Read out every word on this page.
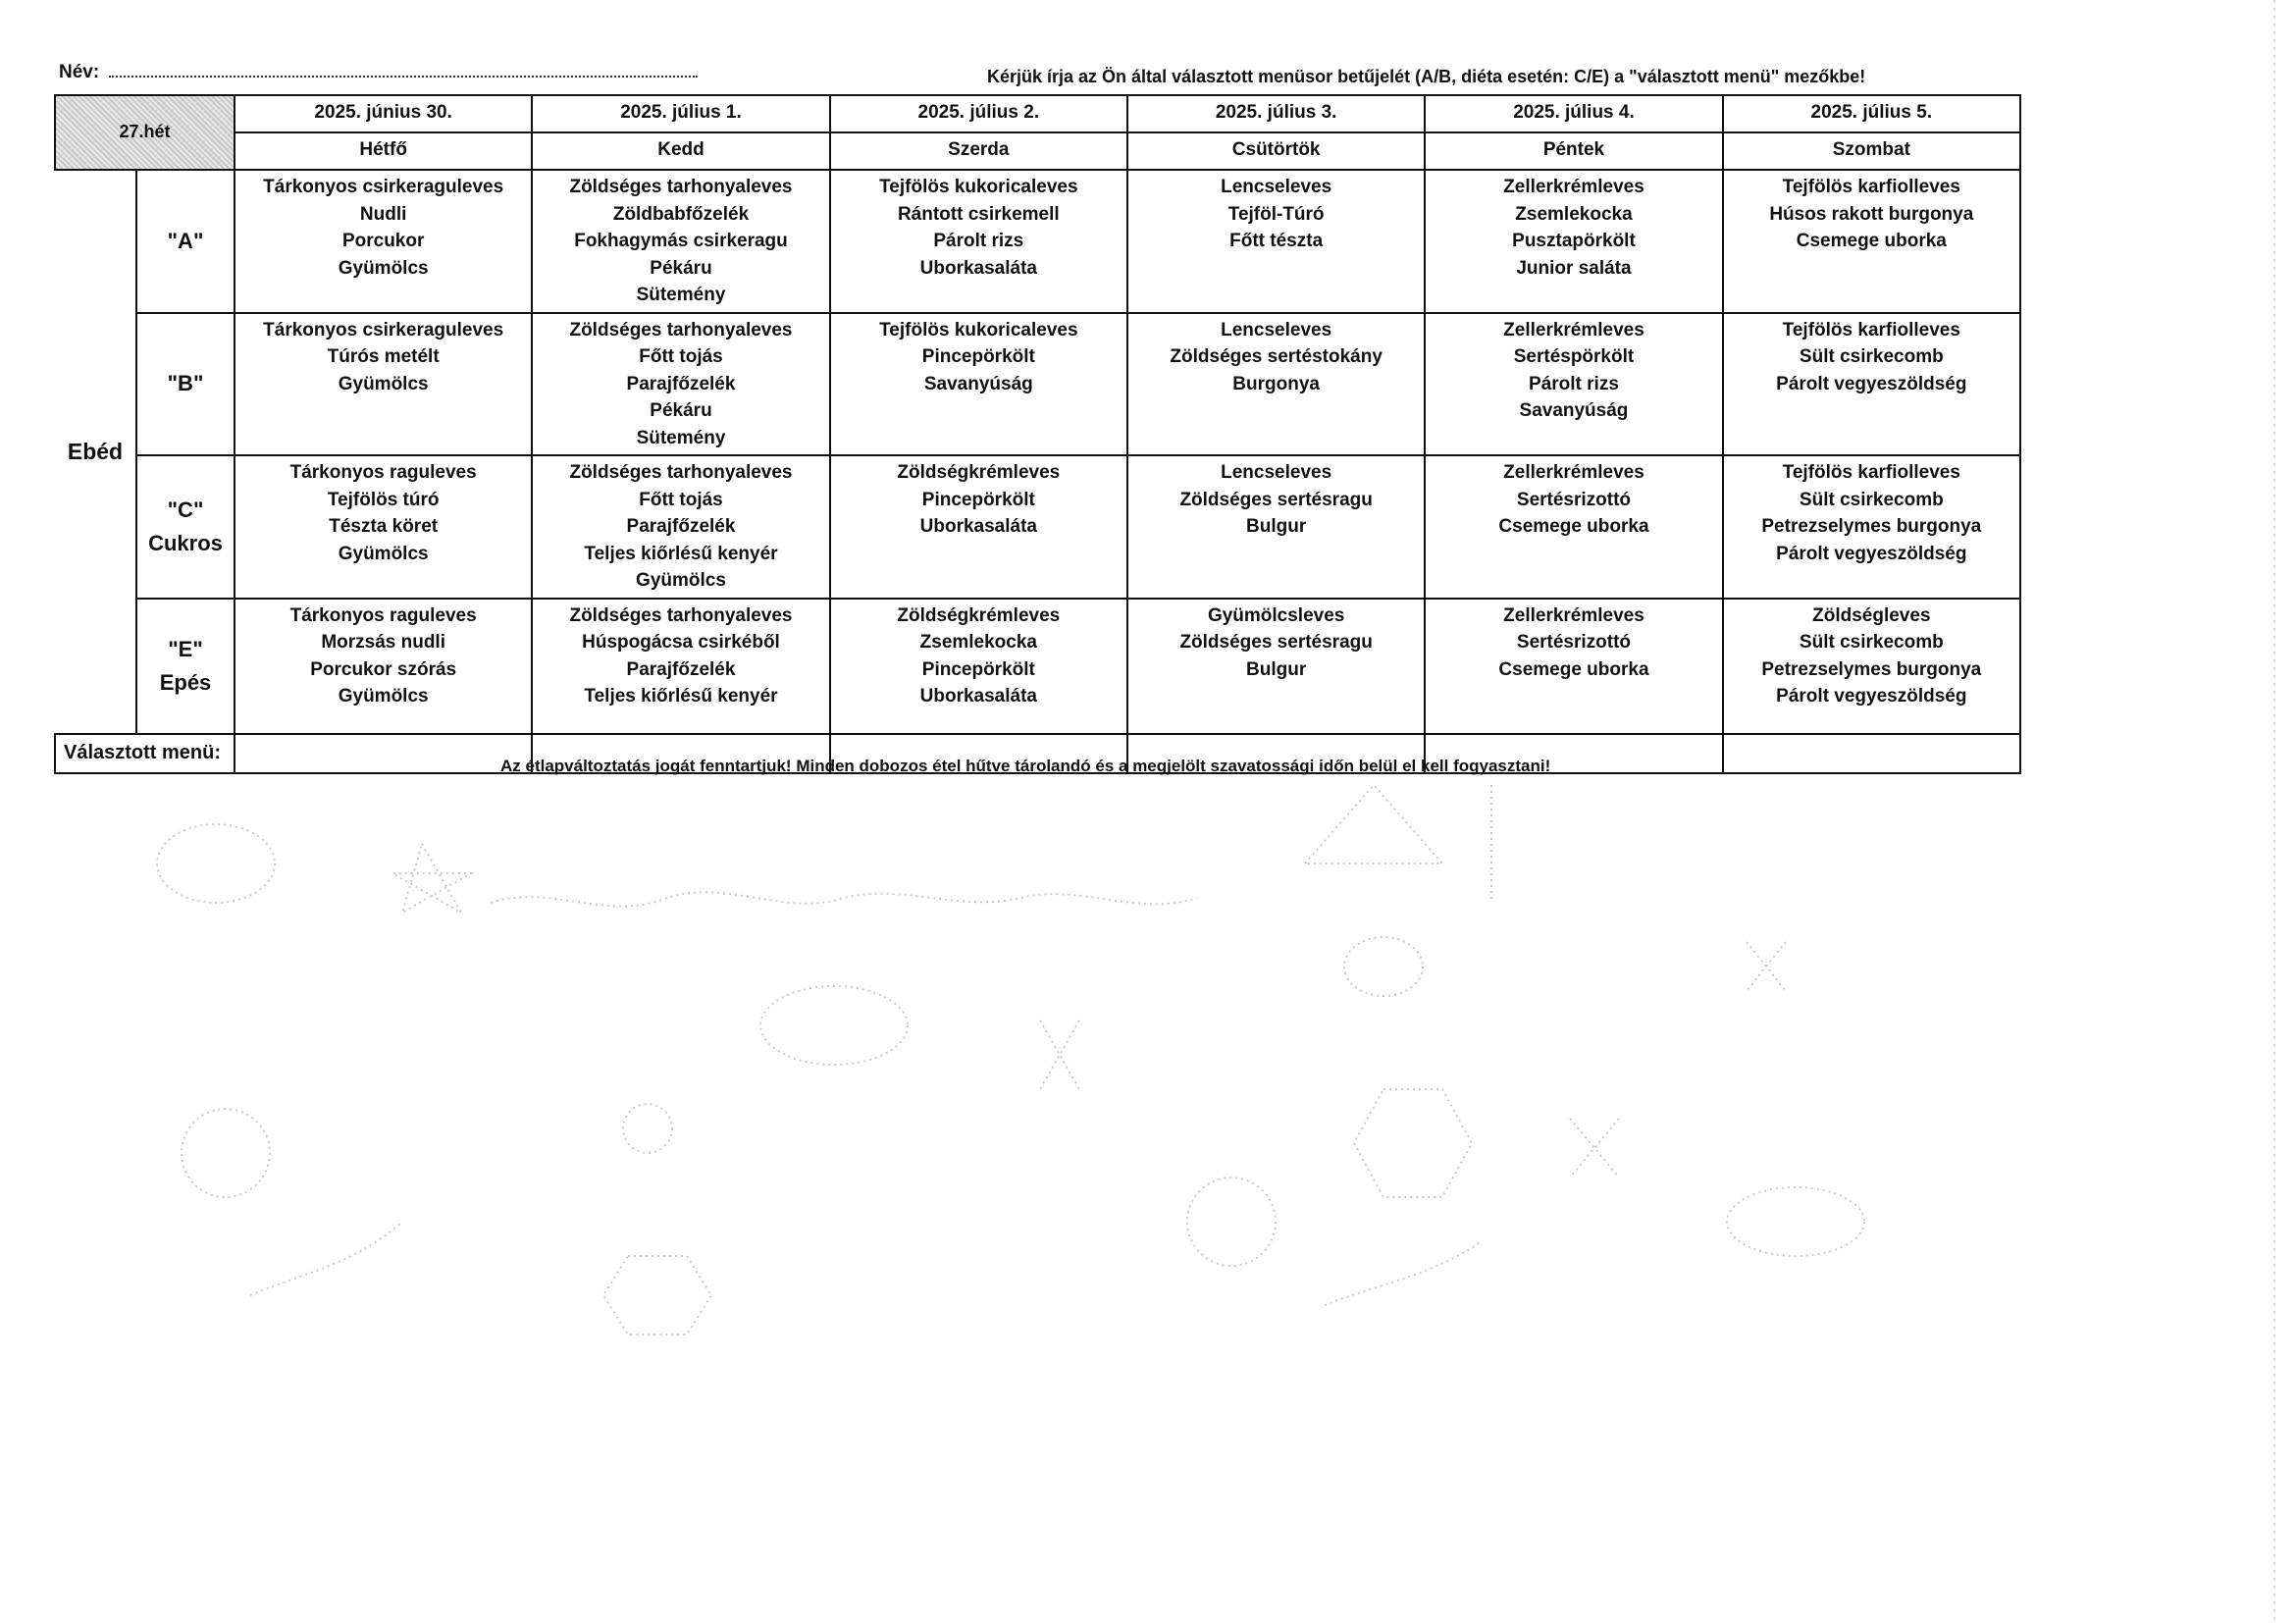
Név:	Kérjük írja az Ön által választott menüsor betűjelét (A/B, diéta esetén: C/E) a "választott menü" mezőkbe!
27.hét		2025. június 30.	2025. július 1.	2025. július 2.	2025. július 3.	2025. július 4.	2025. július 5.
		Hétfő	Kedd	Szerda	Csütörtök	Péntek	Szombat
Ebéd	"A"	Tárkonyos csirkeraguleves
Nudli
Porcukor
Gyümölcs	Zöldséges tarhonyaleves
Zöldbabfőzelék
Fokhagymás csirkeragu
Pékáru
Sütemény	Tejfölös kukoricaleves
Rántott csirkemell
Párolt rizs
Uborkasaláta	Lencseleves
Tejföl-Túró
Főtt tészta	Zellerkrémleves
Zsemlekocka
Pusztapörkölt
Junior saláta	Tejfölös karfiolleves
Húsos rakott burgonya
Csemege uborka

	"B"	Tárkonyos csirkeraguleves
Túrós metélt
Gyümölcs	Zöldséges tarhonyaleves
Főtt tojás
Parajfőzelék
Pékáru
Sütemény	Tejfölös kukoricaleves
Pincepörkölt
Savanyúság	Lencseleves
Zöldséges sertéstokány
Burgonya	Zellerkrémleves
Sertéspörkölt
Párolt rizs
Savanyúság	Tejfölös karfiolleves
Sült csirkecomb
Párolt vegyeszöldség

	"C"
Cukros	Tárkonyos raguleves
Tejfölös túró
Tészta köret
Gyümölcs	Zöldséges tarhonyaleves
Főtt tojás
Parajfőzelék
Teljes kiőrlésű kenyér
Gyümölcs	Zöldségkrémleves
Pincepörkölt
Uborkasaláta	Lencseleves
Zöldséges sertésragu
Bulgur	Zellerkrémleves
Sertésrizottó
Csemege uborka	Tejfölös karfiolleves
Sült csirkecomb
Petrezselymes burgonya
Párolt vegyeszöldség

	"E"
Epés	Tárkonyos raguleves
Morzsás nudli
Porcukor szórás
Gyümölcs	Zöldséges tarhonyaleves
Húspogácsa csirkéből
Parajfőzelék
Teljes kiőrlésű kenyér	Zöldségkrémleves
Zsemlekocka
Pincepörkölt
Uborkasaláta	Gyümölcsleves
Zöldséges sertésragu
Bulgur	Zellerkrémleves
Sertésrizottó
Csemege uborka	Zöldségleves
Sült csirkecomb
Petrezselymes burgonya
Párolt vegyeszöldség

Választott menü:							
Az étlapváltoztatás jogát fenntartjuk! Minden dobozos étel hűtve tárolandó és a megjelölt szavatossági időn belül el kell fogyasztani!
